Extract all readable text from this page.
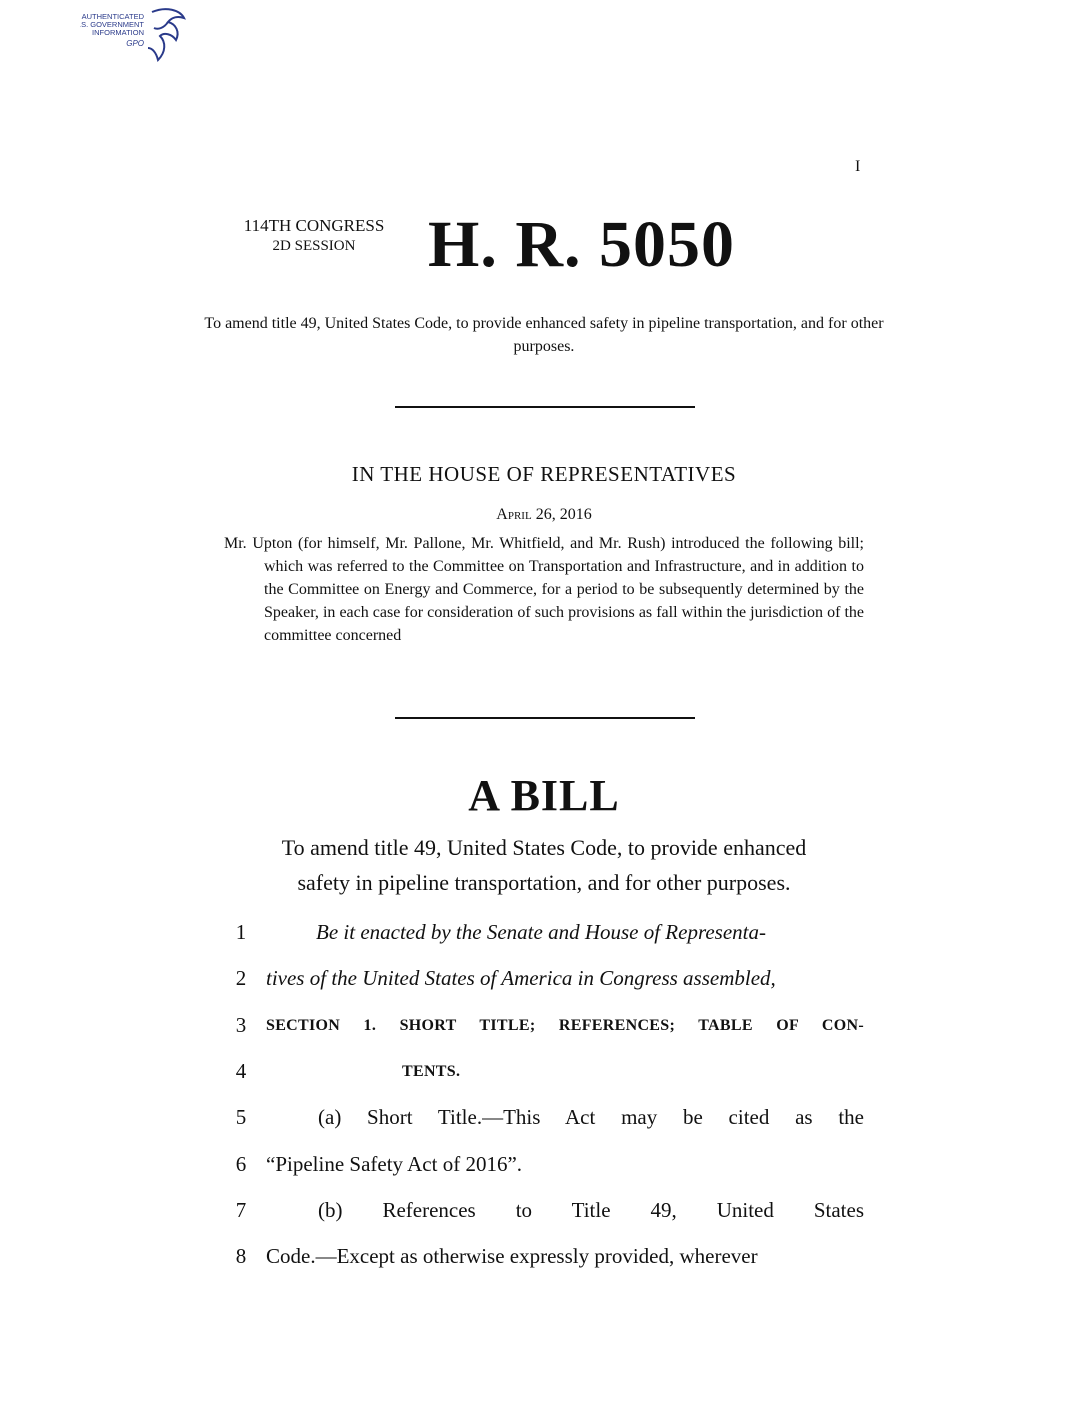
AUTHENTICATED
U.S. GOVERNMENT
INFORMATION
GPO
I
114TH CONGRESS
2D SESSION	H. R. 5050
To amend title 49, United States Code, to provide enhanced safety in pipeline transportation, and for other purposes.
IN THE HOUSE OF REPRESENTATIVES
April 26, 2016
Mr. Upton (for himself, Mr. Pallone, Mr. Whitfield, and Mr. Rush) introduced the following bill; which was referred to the Committee on Transportation and Infrastructure, and in addition to the Committee on Energy and Commerce, for a period to be subsequently determined by the Speaker, in each case for consideration of such provisions as fall within the jurisdiction of the committee concerned
A BILL
To amend title 49, United States Code, to provide enhanced
safety in pipeline transportation, and for other purposes.
1	Be it enacted by the Senate and House of Representa-
2 tives of the United States of America in Congress assembled,
3	SECTION 1. SHORT TITLE; REFERENCES; TABLE OF CON-
4	TENTS.
5	(a) Short Title.—This Act may be cited as the
6 “Pipeline Safety Act of 2016”.
7	(b) References to Title 49, United States
8 Code.—Except as otherwise expressly provided, wherever
